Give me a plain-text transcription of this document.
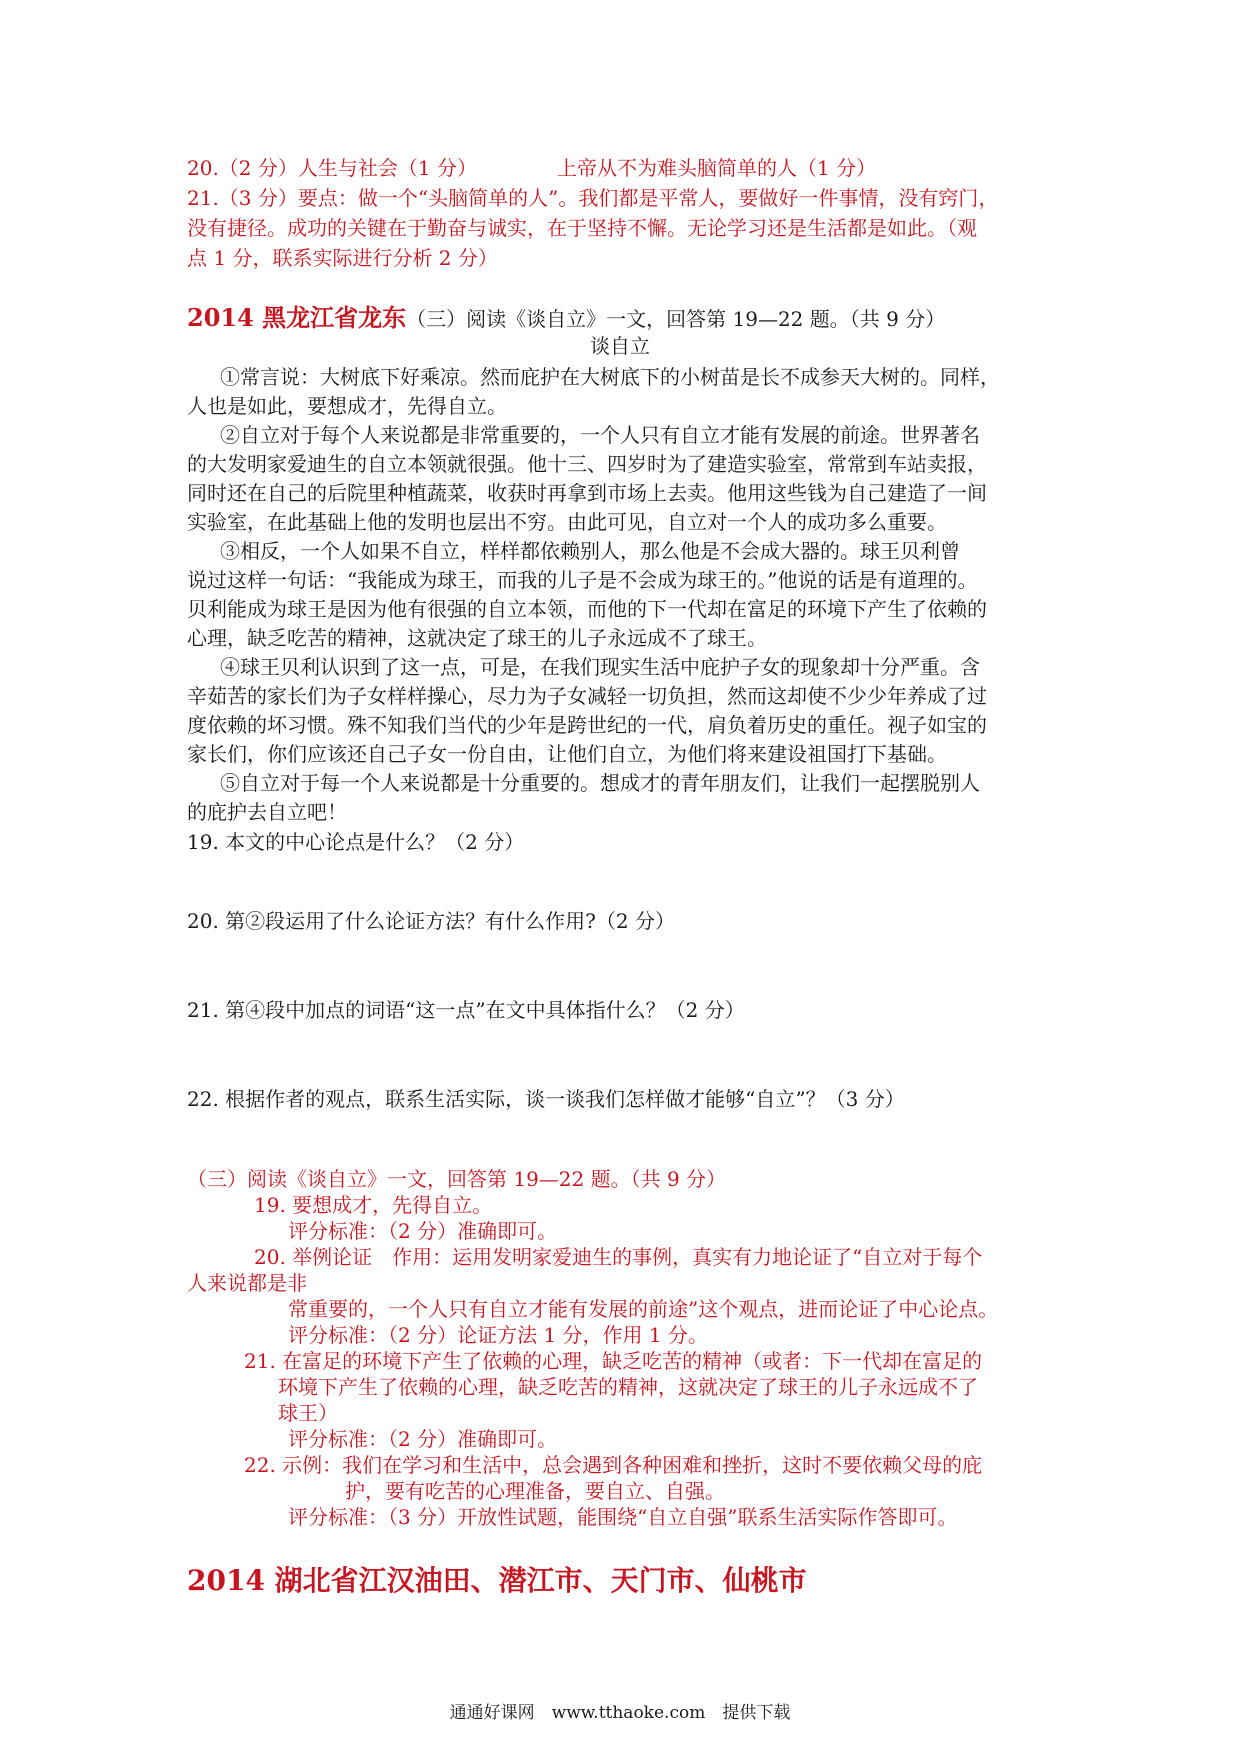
20.（2 分）人生与社会（1 分）	上帝从不为难头脑简单的人（1 分）
21.（3 分）要点：做一个“头脑简单的人”。我们都是平常人，要做好一件事情，没有窍门，
没有捷径。成功的关键在于勤奋与诚实，在于坚持不懈。无论学习还是生活都是如此。（观
点 1 分，联系实际进行分析 2 分）
2014 黑龙江省龙东（三）阅读《谈自立》一文，回答第 19—22 题。（共 9 分）
谈自立
①常言说：大树底下好乘凉。然而庇护在大树底下的小树苗是长不成参天大树的。同样，
人也是如此，要想成才，先得自立。
②自立对于每个人来说都是非常重要的，一个人只有自立才能有发展的前途。世界著名
的大发明家爱迪生的自立本领就很强。他十三、四岁时为了建造实验室，常常到车站卖报，
同时还在自己的后院里种植蔬菜，收获时再拿到市场上去卖。他用这些钱为自己建造了一间
实验室，在此基础上他的发明也层出不穷。由此可见，自立对一个人的成功多么重要。
③相反，一个人如果不自立，样样都依赖别人，那么他是不会成大器的。球王贝利曾
说过这样一句话：“我能成为球王，而我的儿子是不会成为球王的。”他说的话是有道理的。
贝利能成为球王是因为他有很强的自立本领，而他的下一代却在富足的环境下产生了依赖的
心理，缺乏吃苦的精神，这就决定了球王的儿子永远成不了球王。
④球王贝利认识到了这一点，可是，在我们现实生活中庇护子女的现象却十分严重。含
辛茹苦的家长们为子女样样操心，尽力为子女减轻一切负担，然而这却使不少少年养成了过
度依赖的坏习惯。殊不知我们当代的少年是跨世纪的一代，肩负着历史的重任。视子如宝的
家长们，你们应该还自己子女一份自由，让他们自立，为他们将来建设祖国打下基础。
⑤自立对于每一个人来说都是十分重要的。想成才的青年朋友们，让我们一起摆脱别人
的庇护去自立吧！
19. 本文的中心论点是什么？（2 分）
20. 第②段运用了什么论证方法？有什么作用?（2 分）
21. 第④段中加点的词语“这一点”在文中具体指什么？（2 分）
22. 根据作者的观点，联系生活实际，谈一谈我们怎样做才能够“自立”？（3 分）
（三）阅读《谈自立》一文，回答第 19—22 题。（共 9 分）
19. 要想成才，先得自立。
评分标准：（2 分）准确即可。
20. 举例论证　作用：运用发明家爱迪生的事例，真实有力地论证了“自立对于每个
人来说都是非
常重要的，一个人只有自立才能有发展的前途”这个观点，进而论证了中心论点。
评分标准：（2 分）论证方法 1 分，作用 1 分。
21. 在富足的环境下产生了依赖的心理，缺乏吃苦的精神（或者：下一代却在富足的
环境下产生了依赖的心理，缺乏吃苦的精神，这就决定了球王的儿子永远成不了
球王）
评分标准：（2 分）准确即可。
22. 示例：我们在学习和生活中，总会遇到各种困难和挫折，这时不要依赖父母的庇
护，要有吃苦的心理准备，要自立、自强。
评分标准：（3 分）开放性试题，能围绕“自立自强”联系生活实际作答即可。
2014 湖北省江汉油田、潜江市、天门市、仙桃市
通通好课网　www.tthaoke.com　提供下载
